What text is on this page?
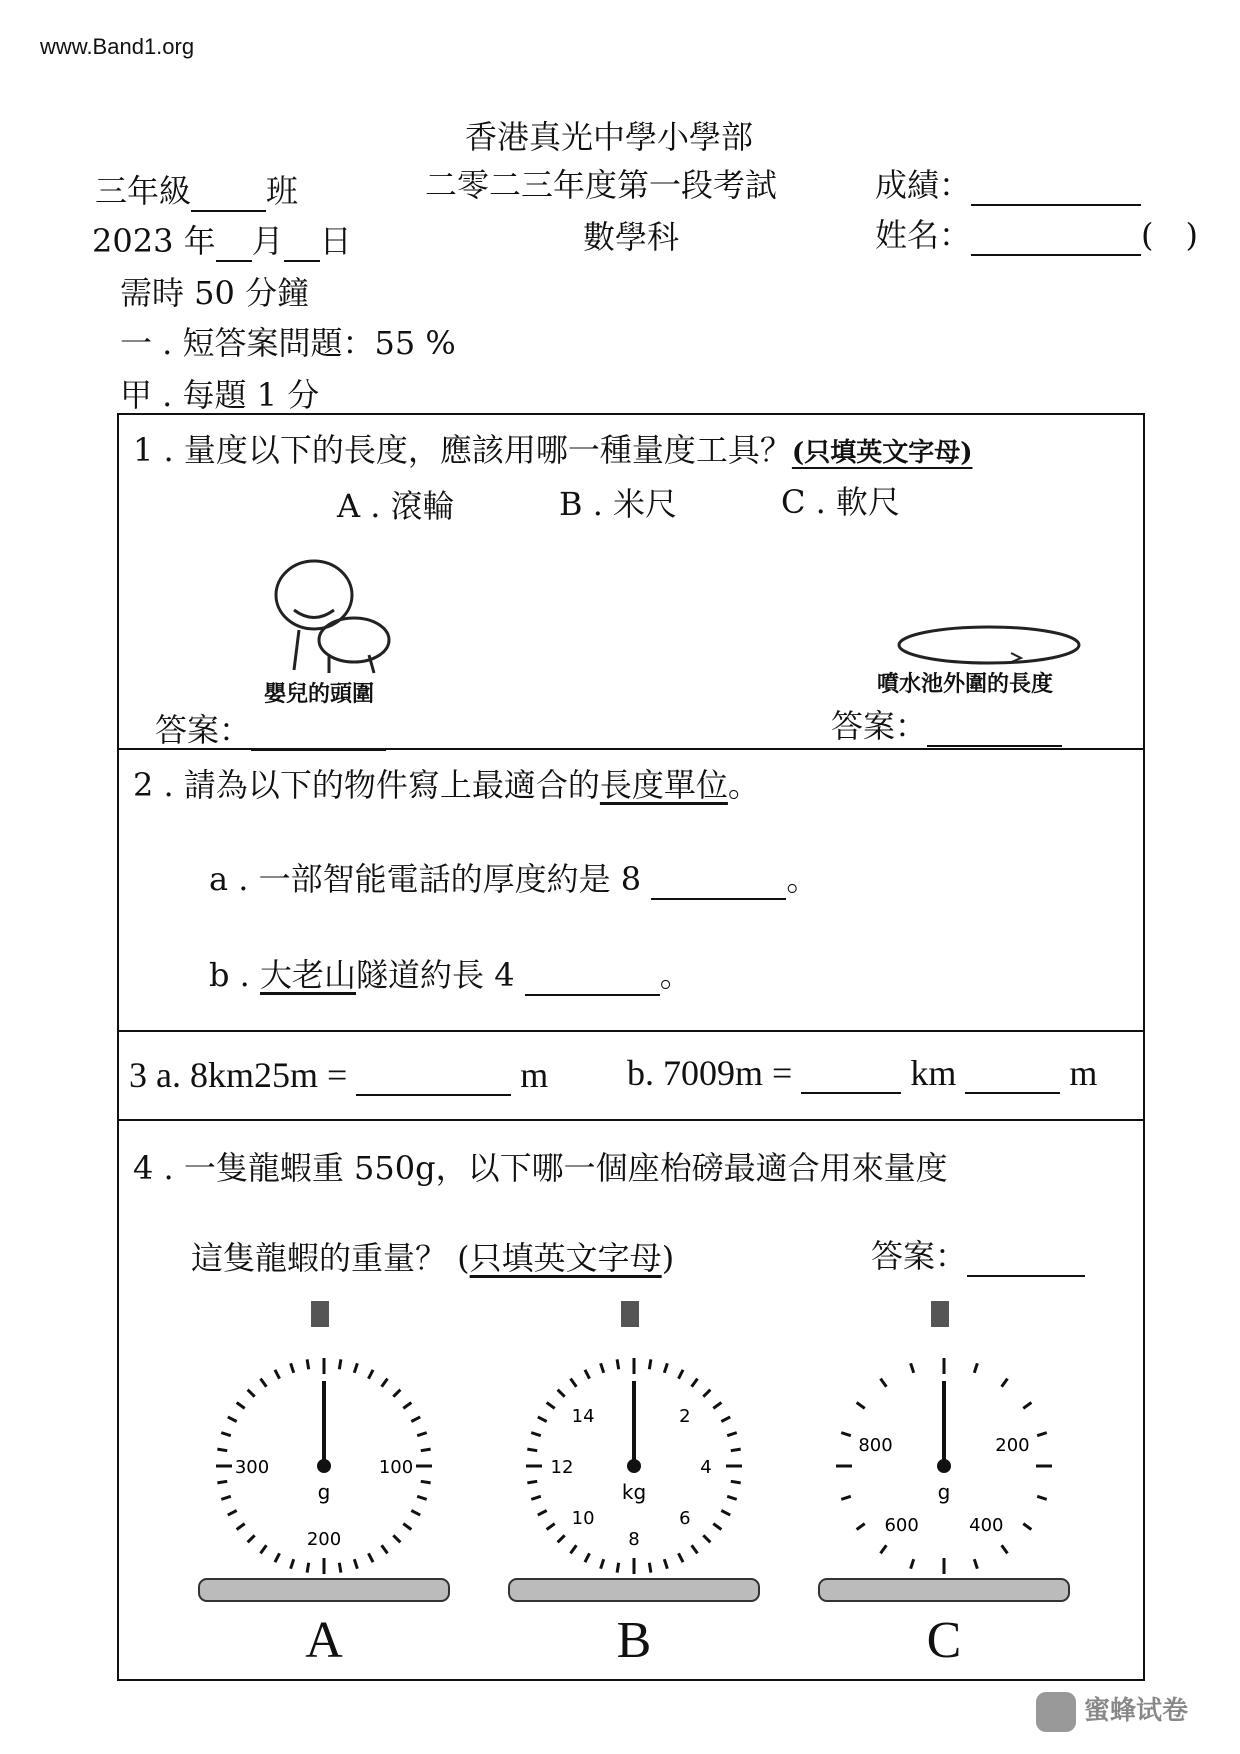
www.Band1.org
香港真光中學小學部
三年級 班	二零二三年度第一段考試	成績：
2023 年 月 日	數學科	姓名：	(　)
需時 50 分鐘
一 . 短答案問題：55 %
甲 . 每題 1 分
1 . 量度以下的長度，應該用哪一種量度工具？(只填英文字母)
A . 滾輪	B . 米尺	C . 軟尺
嬰兒的頭圍	噴水池外圍的長度
答案：	答案：
2 . 請為以下的物件寫上最適合的長度單位。
a . 一部智能電話的厚度約是 8	。
b . 大老山隧道約長 4	。
3 a. 8km25m =	m b. 7009m =	km	m
4 . 一隻龍蝦重 550g，以下哪一個座枱磅最適合用來量度
這隻龍蝦的重量？ (只填英文字母)	答案：
100
200
300
g
A
2
4
6
8
10
12
14
kg
B
200
400
600
800
g
C
蜜蜂试卷
